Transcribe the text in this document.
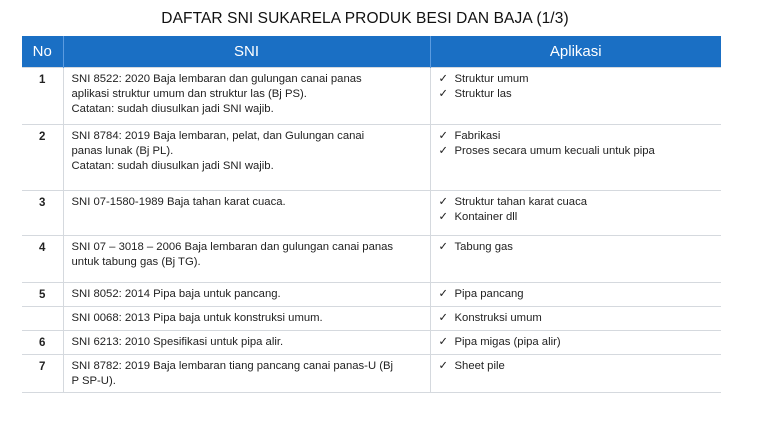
DAFTAR SNI SUKARELA PRODUK BESI DAN BAJA (1/3)
No	SNI	Aplikasi
1	SNI 8522: 2020 Baja lembaran dan gulungan canai panas
aplikasi struktur umum dan struktur las (Bj PS).
Catatan: sudah diusulkan jadi SNI wajib.	✓ Struktur umum
✓ Struktur las

2	SNI 8784: 2019 Baja lembaran, pelat, dan Gulungan canai
panas lunak (Bj PL).
Catatan: sudah diusulkan jadi SNI wajib.	✓ Fabrikasi
✓ Proses secara umum kecuali untuk pipa

3	SNI 07-1580-1989 Baja tahan karat cuaca.	✓ Struktur tahan karat cuaca
✓ Kontainer dll

4	SNI 07 – 3018 – 2006 Baja lembaran dan gulungan canai panas
untuk tabung gas (Bj TG).	✓ Tabung gas

5	SNI 8052: 2014 Pipa baja untuk pancang.	✓ Pipa pancang

	SNI 0068: 2013 Pipa baja untuk konstruksi umum.	✓ Konstruksi umum

6	SNI 6213: 2010 Spesifikasi untuk pipa alir.	✓ Pipa migas (pipa alir)

7	SNI 8782: 2019 Baja lembaran tiang pancang canai panas-U (Bj
P SP-U).	✓ Sheet pile
